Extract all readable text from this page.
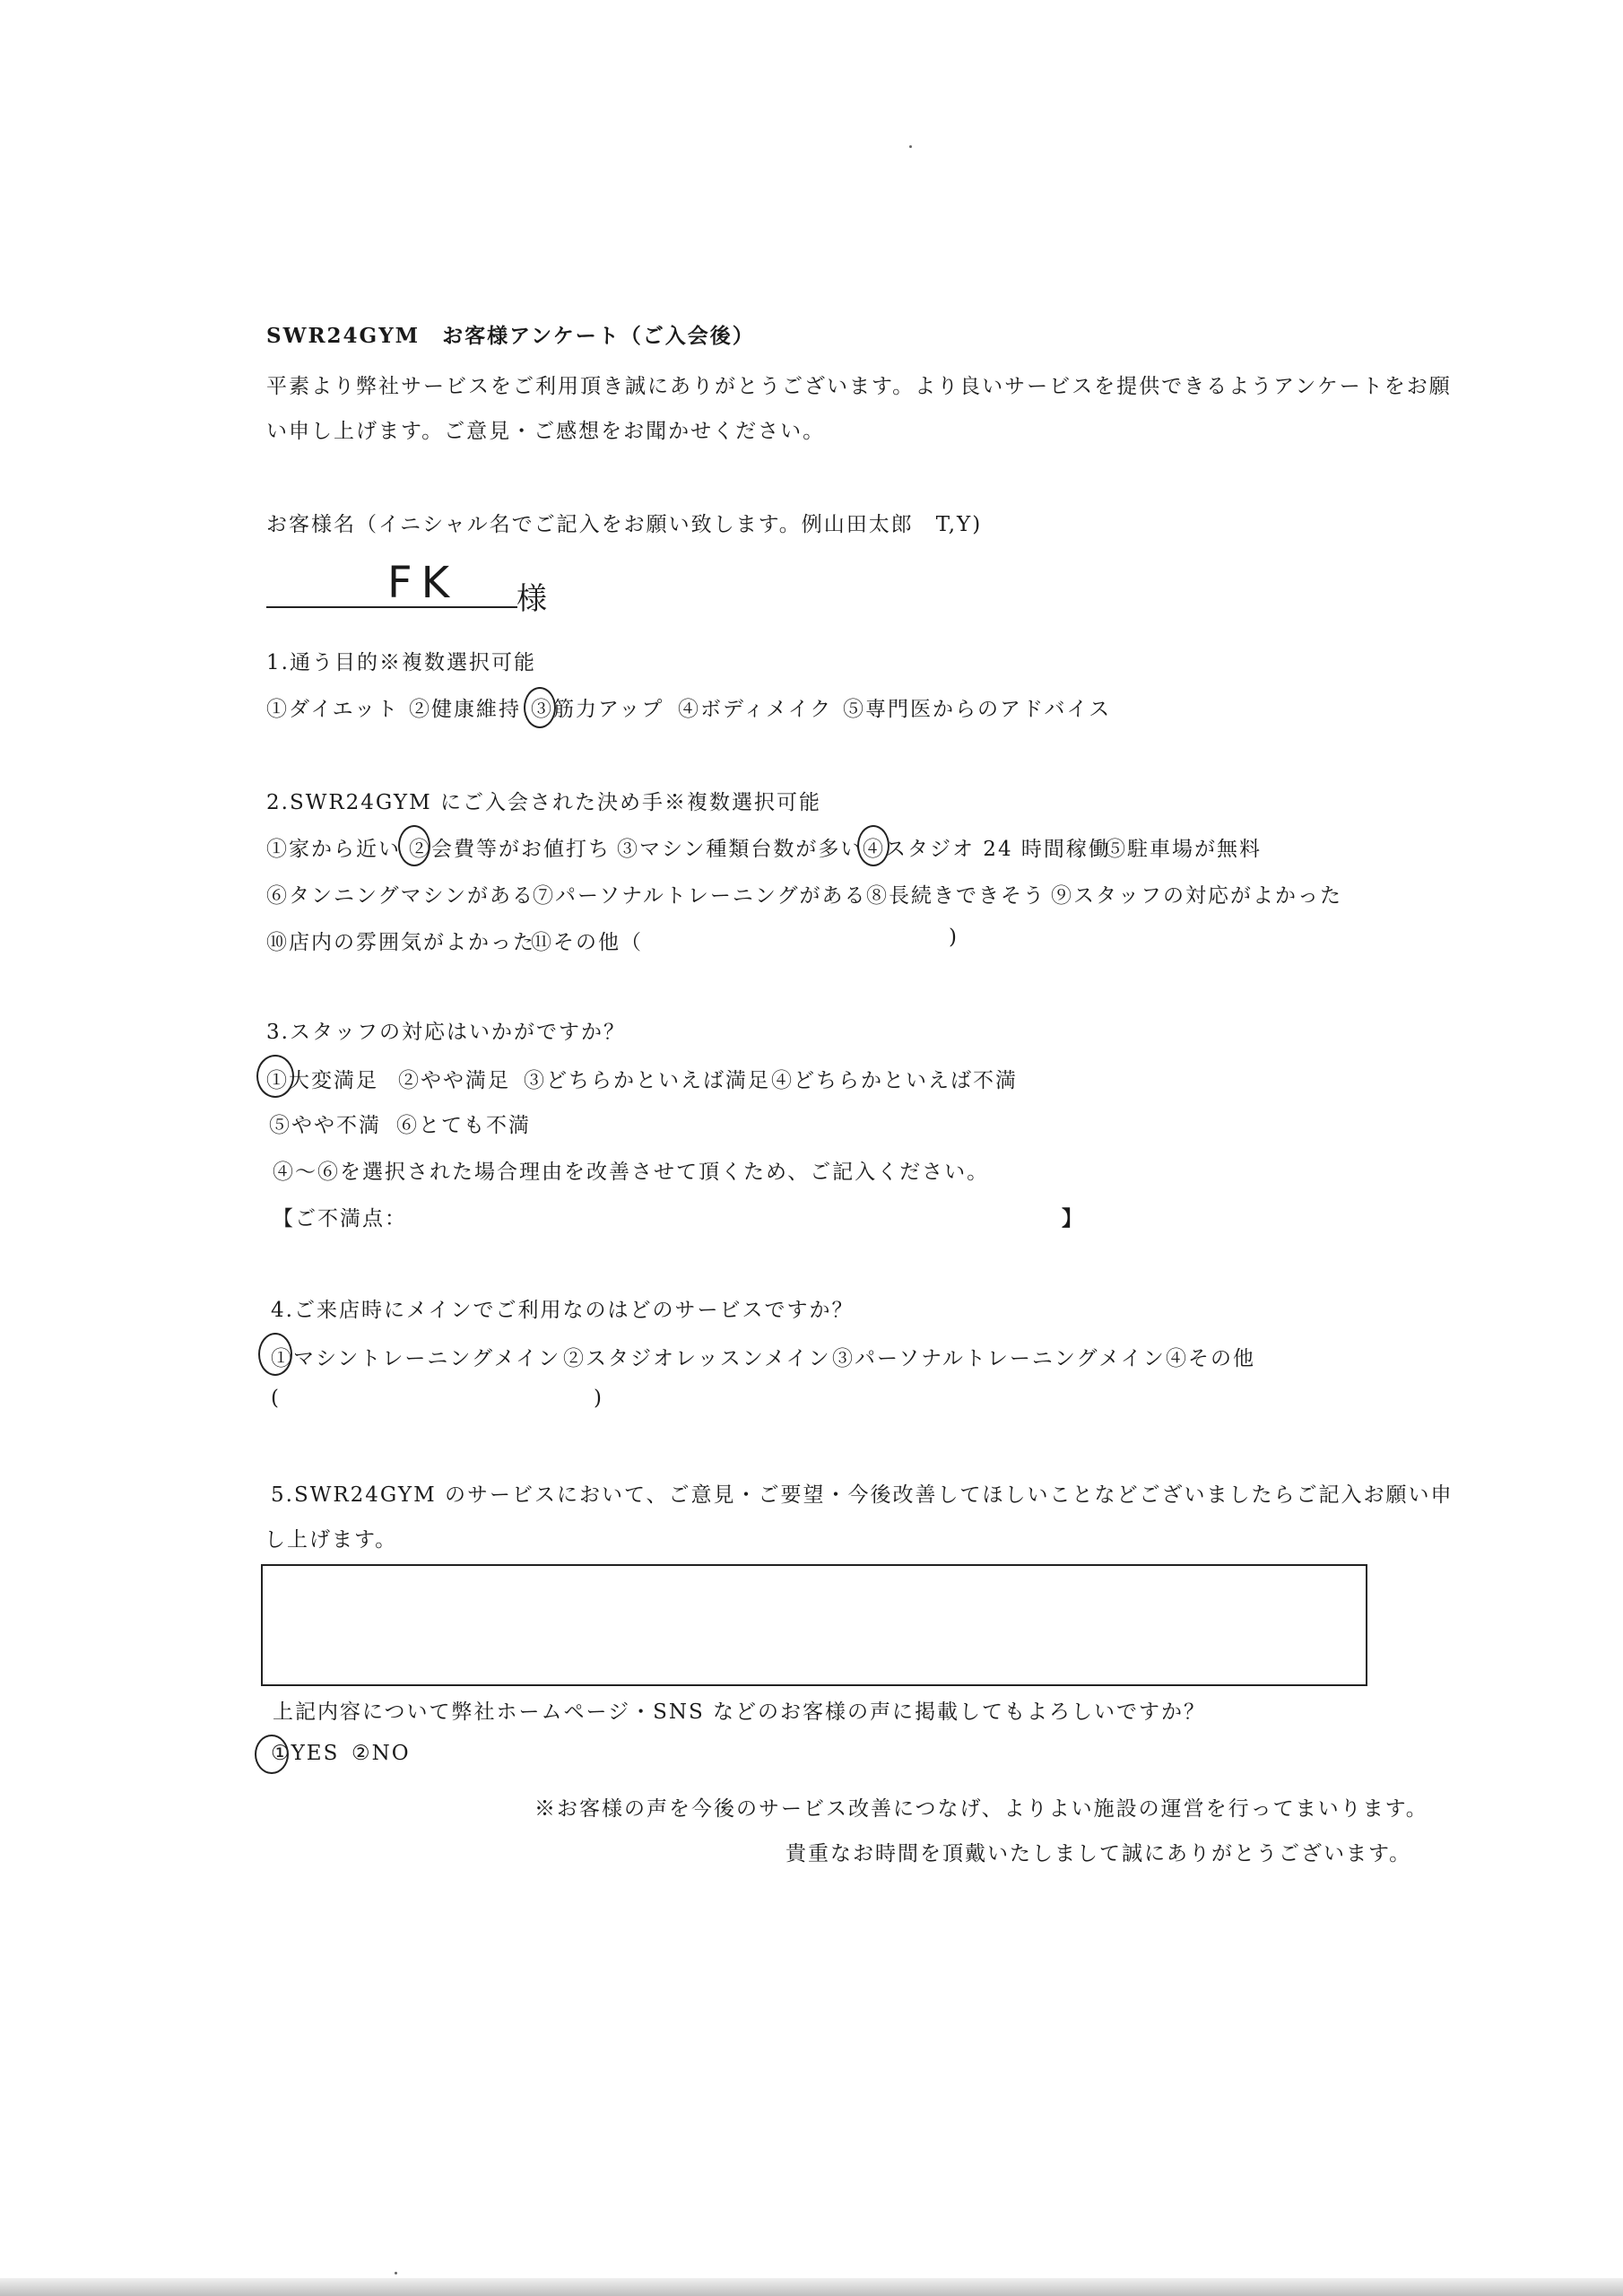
SWR24GYM　お客様アンケート（ご入会後）
平素より弊社サービスをご利用頂き誠にありがとうございます。より良いサービスを提供できるようアンケートをお願
い申し上げます。ご意見・ご感想をお聞かせください。
お客様名（イニシャル名でご記入をお願い致します。例山田太郎　T,Y)
FK 様
1.通う目的※複数選択可能
①ダイエット ②健康維持 ③筋力アップ ④ボディメイク ⑤専門医からのアドバイス
2.SWR24GYM にご入会された決め手※複数選択可能
①家から近い ②会費等がお値打ち ③マシン種類台数が多い ④スタジオ 24 時間稼働
⑤駐車場が無料
⑥タンニングマシンがある
⑦パーソナルトレーニングがある ⑧長続きできそう ⑨スタッフの対応がよかった
⑩店内の雰囲気がよかった
⑪その他（	)
3.スタッフの対応はいかがですか？
①大変満足 ②やや満足 ③どちらかといえば満足 ④どちらかといえば不満
⑤やや不満 ⑥とても不満
④～⑥を選択された場合理由を改善させて頂くため、ご記入ください。
【ご不満点：	】
4.ご来店時にメインでご利用なのはどのサービスですか？
①マシントレーニングメイン ②スタジオレッスンメイン ③パーソナルトレーニングメイン ④その他
(	)
5.SWR24GYM のサービスにおいて、ご意見・ご要望・今後改善してほしいことなどございましたらご記入お願い申
し上げます。
上記内容について弊社ホームページ・SNS などのお客様の声に掲載してもよろしいですか？
①YES ②NO
※お客様の声を今後のサービス改善につなげ、よりよい施設の運営を行ってまいります。
貴重なお時間を頂戴いたしまして誠にありがとうございます。
